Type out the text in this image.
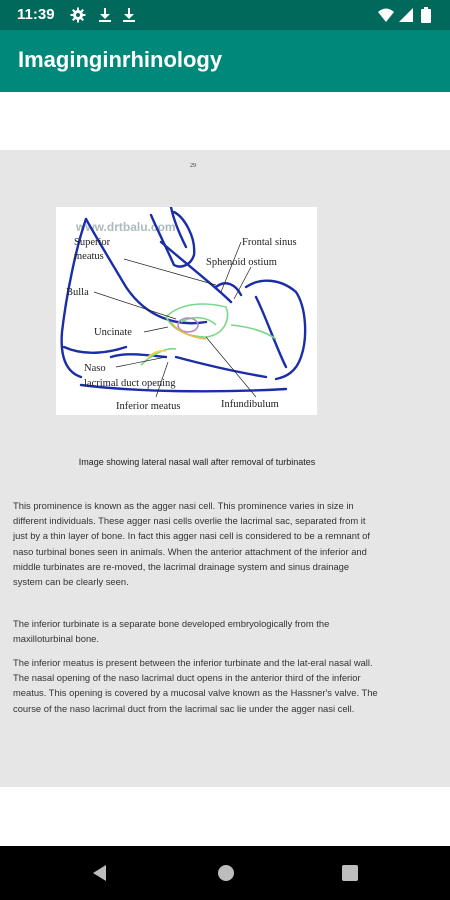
11:39
Imaginginrhinology
29
www.drtbalu.com
Superior
meatus
Frontal sinus
Sphenoid ostium
Bulla
Uncinate
Naso
lacrimal duct opening
Inferior meatus	Infundibulum
Image showing lateral nasal wall after removal of turbinates

This prominence is known as the agger nasi cell. This prominence varies in size in different individuals. These agger nasi cells overlie the lacrimal sac, separated from it just by a thin layer of bone. In fact this agger nasi cell is considered to be a remnant of naso turbinal bones seen in animals. When the anterior attachment of the inferior and middle turbinates are re-moved, the lacrimal drainage system and sinus drainage system can be clearly seen.

The inferior turbinate is a separate bone developed embryologically from the maxilloturbinal bone.

The inferior meatus is present between the inferior turbinate and the lat-eral nasal wall. The nasal opening of the naso lacrimal duct opens in the anterior third of the inferior meatus. This opening is covered by a mucosal valve known as the Hassner's valve. The course of the naso lacrimal duct from the lacrimal sac lie under the agger nasi cell.
